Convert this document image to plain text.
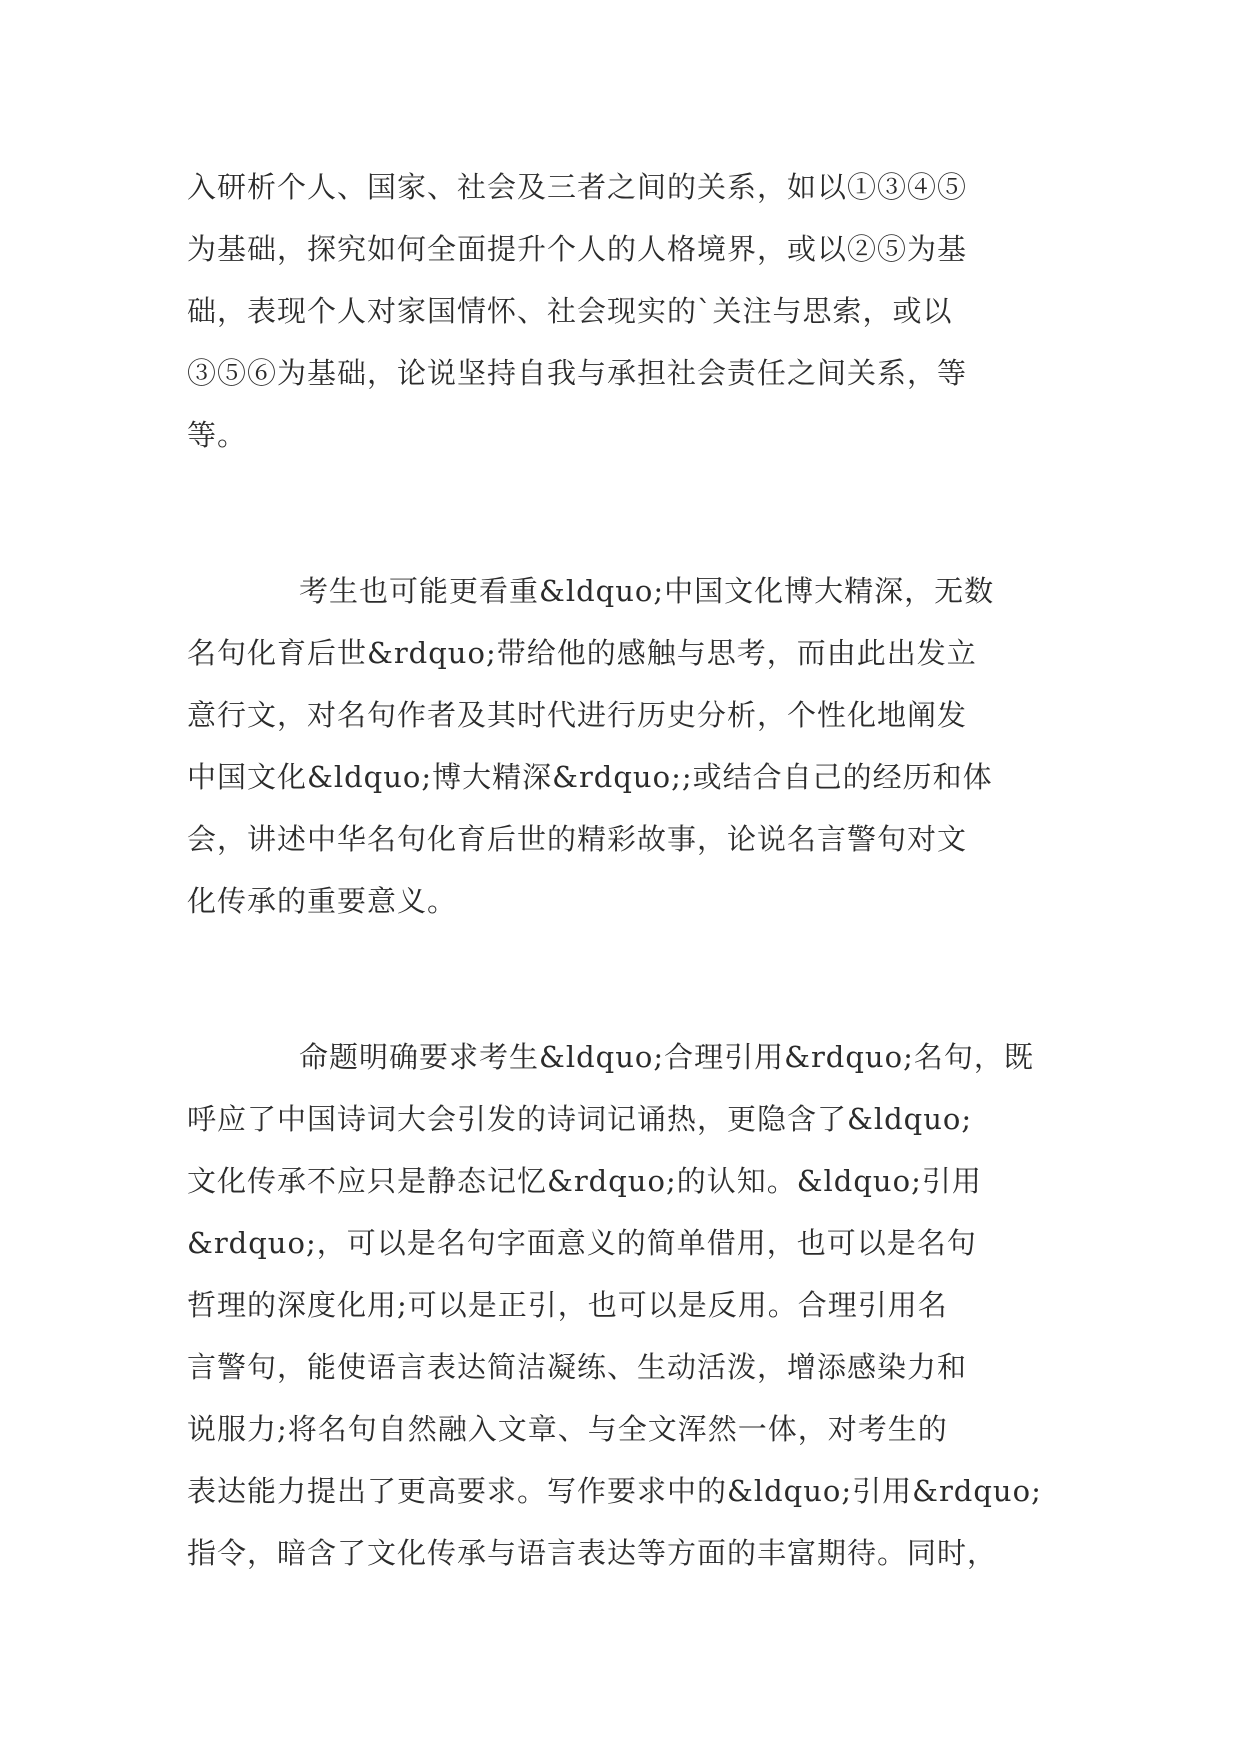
入研析个人、国家、社会及三者之间的关系，如以①③④⑤
为基础，探究如何全面提升个人的人格境界，或以②⑤为基
础，表现个人对家国情怀、社会现实的`关注与思索，或以
③⑤⑥为基础，论说坚持自我与承担社会责任之间关系，等
等。
考生也可能更看重&ldquo;中国文化博大精深，无数
名句化育后世&rdquo;带给他的感触与思考，而由此出发立
意行文，对名句作者及其时代进行历史分析，个性化地阐发
中国文化&ldquo;博大精深&rdquo;;或结合自己的经历和体
会，讲述中华名句化育后世的精彩故事，论说名言警句对文
化传承的重要意义。
命题明确要求考生&ldquo;合理引用&rdquo;名句，既
呼应了中国诗词大会引发的诗词记诵热，更隐含了&ldquo;
文化传承不应只是静态记忆&rdquo;的认知。&ldquo;引用
&rdquo;，可以是名句字面意义的简单借用，也可以是名句
哲理的深度化用;可以是正引，也可以是反用。合理引用名
言警句，能使语言表达简洁凝练、生动活泼，增添感染力和
说服力;将名句自然融入文章、与全文浑然一体，对考生的
表达能力提出了更高要求。写作要求中的&ldquo;引用&rdquo;
指令，暗含了文化传承与语言表达等方面的丰富期待。同时，
